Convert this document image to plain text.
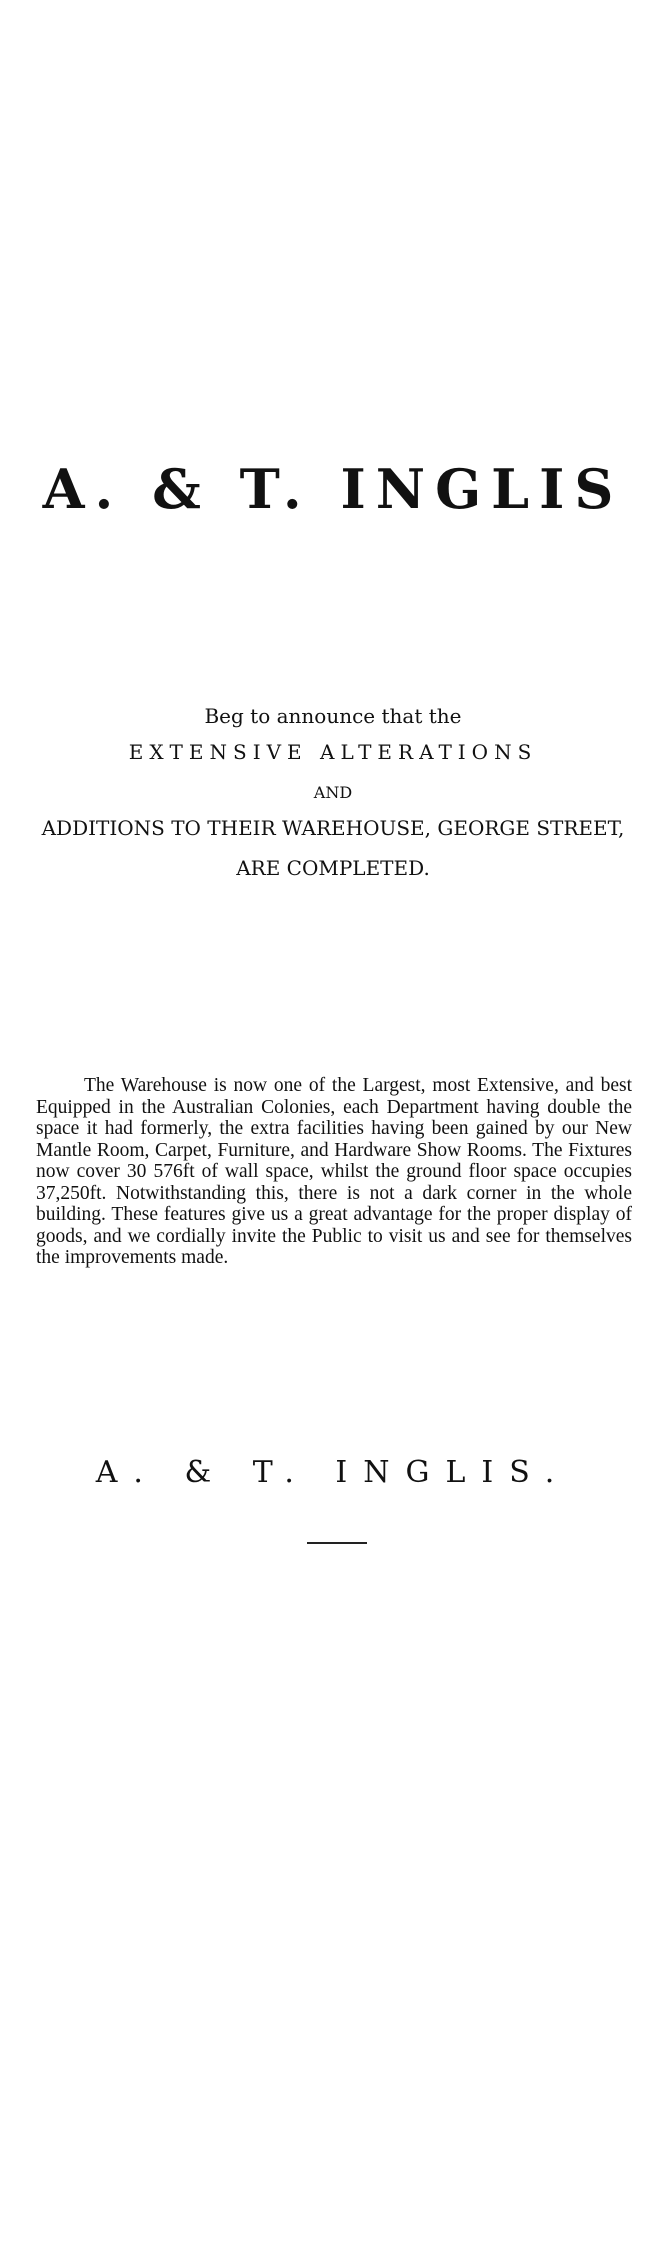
A. & T. INGLIS
Beg to announce that the
EXTENSIVE ALTERATIONS
AND
ADDITIONS TO THEIR WAREHOUSE, GEORGE STREET,
ARE COMPLETED.
The Warehouse is now one of the Largest, most Extensive, and best Equipped in the Australian Colonies, each Department having double the space it had formerly, the extra facilities having been gained by our New Mantle Room, Carpet, Furniture, and Hardware Show Rooms. The Fixtures now cover 30 576ft of wall space, whilst the ground floor space occupies 37,250ft. Notwithstanding this, there is not a dark corner in the whole building. These features give us a great advantage for the proper display of goods, and we cordially invite the Public to visit us and see for themselves the improvements made.
A. & T. INGLIS.
